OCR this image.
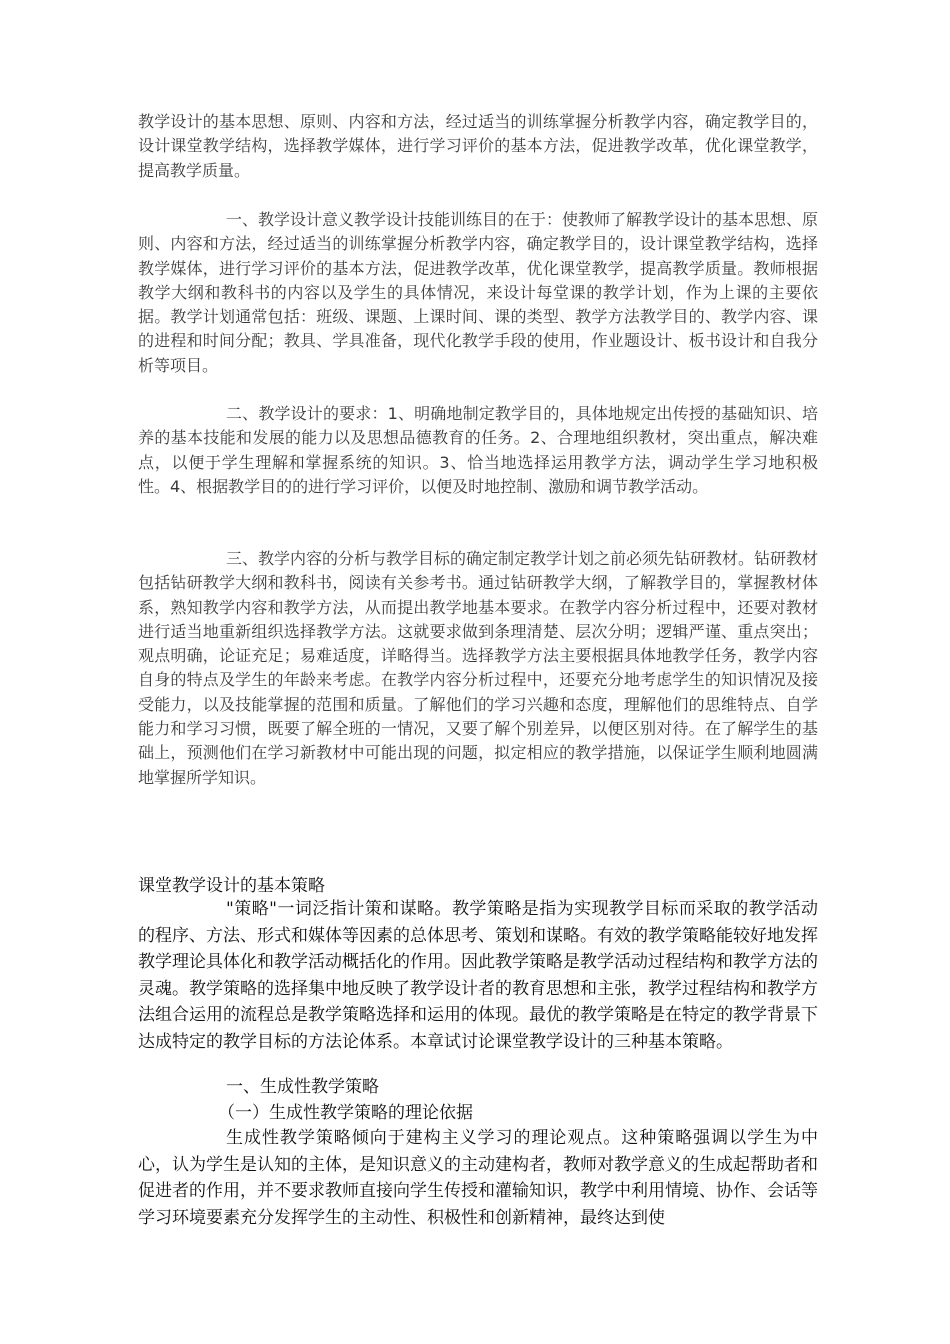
教学设计的基本思想、原则、内容和方法，经过适当的训练掌握分析教学内容，确定教学目的，设计课堂教学结构，选择教学媒体，进行学习评价的基本方法，促进教学改革，优化课堂教学，提高教学质量。

一、教学设计意义教学设计技能训练目的在于：使教师了解教学设计的基本思想、原则、内容和方法，经过适当的训练掌握分析教学内容，确定教学目的，设计课堂教学结构，选择教学媒体，进行学习评价的基本方法，促进教学改革，优化课堂教学，提高教学质量。教师根据教学大纲和教科书的内容以及学生的具体情况，来设计每堂课的教学计划，作为上课的主要依据。教学计划通常包括：班级、课题、上课时间、课的类型、教学方法教学目的、教学内容、课的进程和时间分配；教具、学具准备，现代化教学手段的使用，作业题设计、板书设计和自我分析等项目。

二、教学设计的要求：1、明确地制定教学目的，具体地规定出传授的基础知识、培养的基本技能和发展的能力以及思想品德教育的任务。2、合理地组织教材，突出重点，解决难点，以便于学生理解和掌握系统的知识。3、恰当地选择运用教学方法，调动学生学习地积极性。4、根据教学目的的进行学习评价，以便及时地控制、激励和调节教学活动。

三、教学内容的分析与教学目标的确定制定教学计划之前必须先钻研教材。钻研教材包括钻研教学大纲和教科书，阅读有关参考书。通过钻研教学大纲，了解教学目的，掌握教材体系，熟知教学内容和教学方法，从而提出教学地基本要求。在教学内容分析过程中，还要对教材进行适当地重新组织选择教学方法。这就要求做到条理清楚、层次分明；逻辑严谨、重点突出；观点明确，论证充足；易难适度，详略得当。选择教学方法主要根据具体地教学任务，教学内容自身的特点及学生的年龄来考虑。在教学内容分析过程中，还要充分地考虑学生的知识情况及接受能力，以及技能掌握的范围和质量。了解他们的学习兴趣和态度，理解他们的思维特点、自学能力和学习习惯，既要了解全班的一情况，又要了解个别差异，以便区别对待。在了解学生的基础上，预测他们在学习新教材中可能出现的问题，拟定相应的教学措施，以保证学生顺利地圆满地掌握所学知识。

课堂教学设计的基本策略

"策略"一词泛指计策和谋略。教学策略是指为实现教学目标而采取的教学活动的程序、方法、形式和媒体等因素的总体思考、策划和谋略。有效的教学策略能较好地发挥教学理论具体化和教学活动概括化的作用。因此教学策略是教学活动过程结构和教学方法的灵魂。教学策略的选择集中地反映了教学设计者的教育思想和主张，教学过程结构和教学方法组合运用的流程总是教学策略选择和运用的体现。最优的教学策略是在特定的教学背景下达成特定的教学目标的方法论体系。本章试讨论课堂教学设计的三种基本策略。

一、生成性教学策略
（一）生成性教学策略的理论依据

生成性教学策略倾向于建构主义学习的理论观点。这种策略强调以学生为中心，认为学生是认知的主体，是知识意义的主动建构者，教师对教学意义的生成起帮助者和促进者的作用，并不要求教师直接向学生传授和灌输知识，教学中利用情境、协作、会话等学习环境要素充分发挥学生的主动性、积极性和创新精神，最终达到使
